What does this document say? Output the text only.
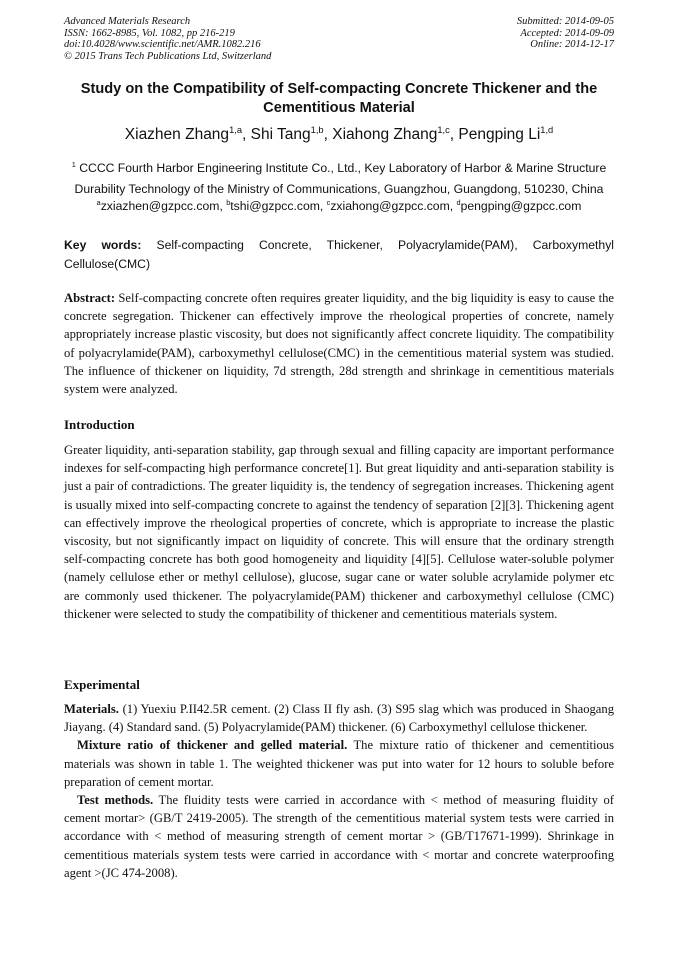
Advanced Materials Research
ISSN: 1662-8985, Vol. 1082, pp 216-219
doi:10.4028/www.scientific.net/AMR.1082.216
© 2015 Trans Tech Publications Ltd, Switzerland
Submitted: 2014-09-05
Accepted: 2014-09-09
Online: 2014-12-17
Study on the Compatibility of Self-compacting Concrete Thickener and the Cementitious Material
Xiazhen Zhang$^{1,a}$, Shi Tang$^{1,b}$, Xiahong Zhang$^{1,c}$, Pengping Li$^{1,d}$
$^1$ CCCC Fourth Harbor Engineering Institute Co., Ltd., Key Laboratory of Harbor & Marine Structure
Durability Technology of the Ministry of Communications, Guangzhou, Guangdong, 510230, China
$^a$zxiazhen@gzpcc.com, $^b$tshi@gzpcc.com, $^c$zxiahong@gzpcc.com, $^d$pengping@gzpcc.com
Key words: Self-compacting Concrete, Thickener, Polyacrylamide(PAM), Carboxymethyl Cellulose(CMC)
Abstract: Self-compacting concrete often requires greater liquidity, and the big liquidity is easy to cause the concrete segregation. Thickener can effectively improve the rheological properties of concrete, namely appropriately increase plastic viscosity, but does not significantly affect concrete liquidity. The compatibility of polyacrylamide(PAM), carboxymethyl cellulose(CMC) in the cementitious material system was studied. The influence of thickener on liquidity, 7d strength, 28d strength and shrinkage in cementitious materials system were analyzed.
Introduction
Greater liquidity, anti-separation stability, gap through sexual and filling capacity are important performance indexes for self-compacting high performance concrete[1]. But great liquidity and anti-separation stability is just a pair of contradictions. The greater liquidity is, the tendency of segregation increases. Thickening agent is usually mixed into self-compacting concrete to against the tendency of separation [2][3]. Thickening agent can effectively improve the rheological properties of concrete, which is appropriate to increase the plastic viscosity, but not significantly impact on liquidity of concrete. This will ensure that the ordinary strength self-compacting concrete has both good homogeneity and liquidity [4][5]. Cellulose water-soluble polymer (namely cellulose ether or methyl cellulose), glucose, sugar cane or water soluble acrylamide polymer etc are commonly used thickener. The polyacrylamide(PAM) thickener and carboxymethyl cellulose (CMC) thickener were selected to study the compatibility of thickener and cementitious materials system.
Experimental

Materials. (1) Yuexiu P.II42.5R cement. (2) Class II fly ash. (3) S95 slag which was produced in Shaogang Jiayang. (4) Standard sand. (5) Polyacrylamide(PAM) thickener. (6) Carboxymethyl cellulose thickener.

Mixture ratio of thickener and gelled material. The mixture ratio of thickener and cementitious materials was shown in table 1. The weighted thickener was put into water for 12 hours to soluble before preparation of cement mortar.

Test methods. The fluidity tests were carried in accordance with < method of measuring fluidity of cement mortar> (GB/T 2419-2005). The strength of the cementitious material system tests were carried in accordance with < method of measuring strength of cement mortar > (GB/T17671-1999). Shrinkage in cementitious materials system tests were carried in accordance with < mortar and concrete waterproofing agent >(JC 474-2008).
